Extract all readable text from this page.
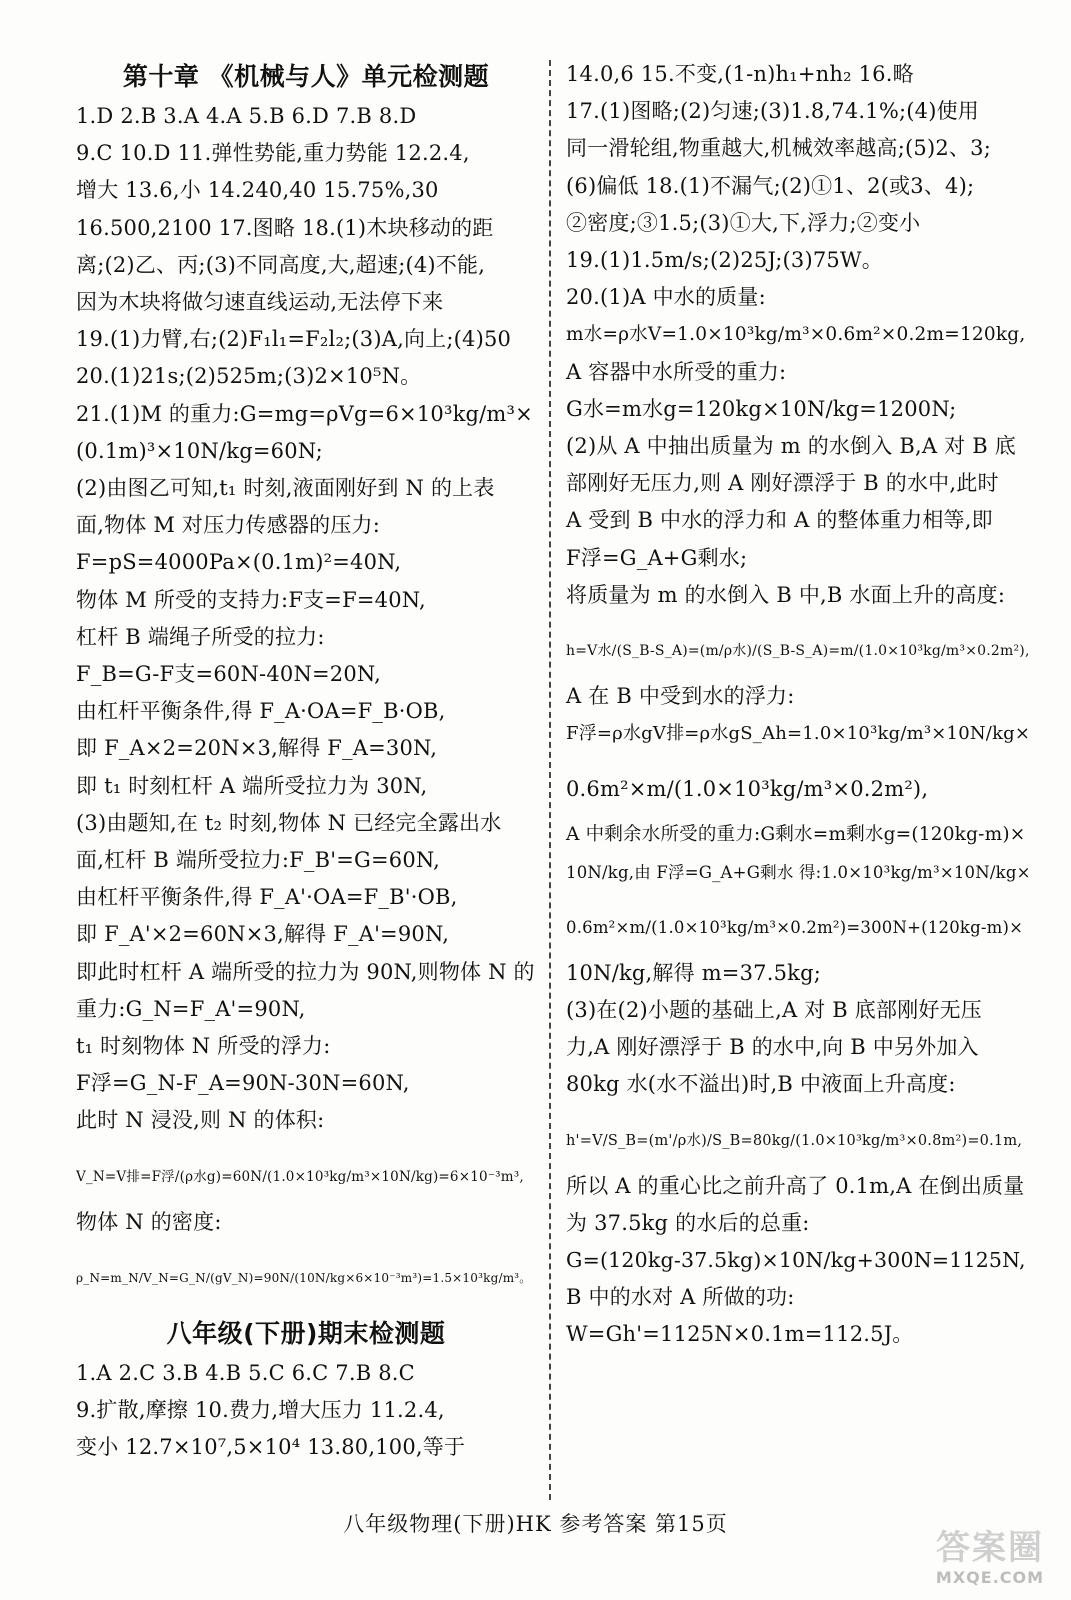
第十章 《机械与人》单元检测题
1.D 2.B 3.A 4.A 5.B 6.D 7.B 8.D
9.C 10.D 11.弹性势能,重力势能 12.2.4,
增大 13.6,小 14.240,40 15.75%,30
16.500,2100 17.图略 18.(1)木块移动的距
离;(2)乙、丙;(3)不同高度,大,超速;(4)不能,
因为木块将做匀速直线运动,无法停下来
19.(1)力臂,右;(2)F₁l₁=F₂l₂;(3)A,向上;(4)50
20.(1)21s;(2)525m;(3)2×10⁵N。
21.(1)M 的重力:G=mg=ρVg=6×10³kg/m³×
(0.1m)³×10N/kg=60N;
(2)由图乙可知,t₁ 时刻,液面刚好到 N 的上表
面,物体 M 对压力传感器的压力:
F=pS=4000Pa×(0.1m)²=40N,
物体 M 所受的支持力:F支=F=40N,
杠杆 B 端绳子所受的拉力:
F_B=G-F支=60N-40N=20N,
由杠杆平衡条件,得 F_A·OA=F_B·OB,
即 F_A×2=20N×3,解得 F_A=30N,
即 t₁ 时刻杠杆 A 端所受拉力为 30N,
(3)由题知,在 t₂ 时刻,物体 N 已经完全露出水
面,杠杆 B 端所受拉力:F_B'=G=60N,
由杠杆平衡条件,得 F_A'·OA=F_B'·OB,
即 F_A'×2=60N×3,解得 F_A'=90N,
即此时杠杆 A 端所受的拉力为 90N,则物体 N 的
重力:G_N=F_A'=90N,
t₁ 时刻物体 N 所受的浮力:
F浮=G_N-F_A=90N-30N=60N,
此时 N 浸没,则 N 的体积:
V_N=V排=F浮/(ρ水g)=60N/(1.0×10³kg/m³×10N/kg)=6×10⁻³m³,
物体 N 的密度:
ρ_N=m_N/V_N=G_N/(gV_N)=90N/(10N/kg×6×10⁻³m³)=1.5×10³kg/m³。
八年级(下册)期末检测题
1.A 2.C 3.B 4.B 5.C 6.C 7.B 8.C
9.扩散,摩擦 10.费力,增大压力 11.2.4,
变小 12.7×10⁷,5×10⁴ 13.80,100,等于
14.0,6 15.不变,(1-n)h₁+nh₂ 16.略
17.(1)图略;(2)匀速;(3)1.8,74.1%;(4)使用
同一滑轮组,物重越大,机械效率越高;(5)2、3;
(6)偏低 18.(1)不漏气;(2)①1、2(或3、4);
②密度;③1.5;(3)①大,下,浮力;②变小
19.(1)1.5m/s;(2)25J;(3)75W。
20.(1)A 中水的质量:
m水=ρ水V=1.0×10³kg/m³×0.6m²×0.2m=120kg,
A 容器中水所受的重力:
G水=m水g=120kg×10N/kg=1200N;
(2)从 A 中抽出质量为 m 的水倒入 B,A 对 B 底
部刚好无压力,则 A 刚好漂浮于 B 的水中,此时
A 受到 B 中水的浮力和 A 的整体重力相等,即
F浮=G_A+G剩水;
将质量为 m 的水倒入 B 中,B 水面上升的高度:
h=V水/(S_B-S_A)=(m/ρ水)/(S_B-S_A)=m/(1.0×10³kg/m³×0.2m²),
A 在 B 中受到水的浮力:
F浮=ρ水gV排=ρ水gS_Ah=1.0×10³kg/m³×10N/kg×
0.6m²×m/(1.0×10³kg/m³×0.2m²),
A 中剩余水所受的重力:G剩水=m剩水g=(120kg-m)×
10N/kg,由 F浮=G_A+G剩水 得:1.0×10³kg/m³×10N/kg×
0.6m²×m/(1.0×10³kg/m³×0.2m²)=300N+(120kg-m)×
10N/kg,解得 m=37.5kg;
(3)在(2)小题的基础上,A 对 B 底部刚好无压
力,A 刚好漂浮于 B 的水中,向 B 中另外加入
80kg 水(水不溢出)时,B 中液面上升高度:
h'=V/S_B=(m'/ρ水)/S_B=80kg/(1.0×10³kg/m³×0.8m²)=0.1m,
所以 A 的重心比之前升高了 0.1m,A 在倒出质量
为 37.5kg 的水后的总重:
G=(120kg-37.5kg)×10N/kg+300N=1125N,
B 中的水对 A 所做的功:
W=Gh'=1125N×0.1m=112.5J。
八年级物理(下册)HK 参考答案 第15页
答案圈
MXQE.COM
